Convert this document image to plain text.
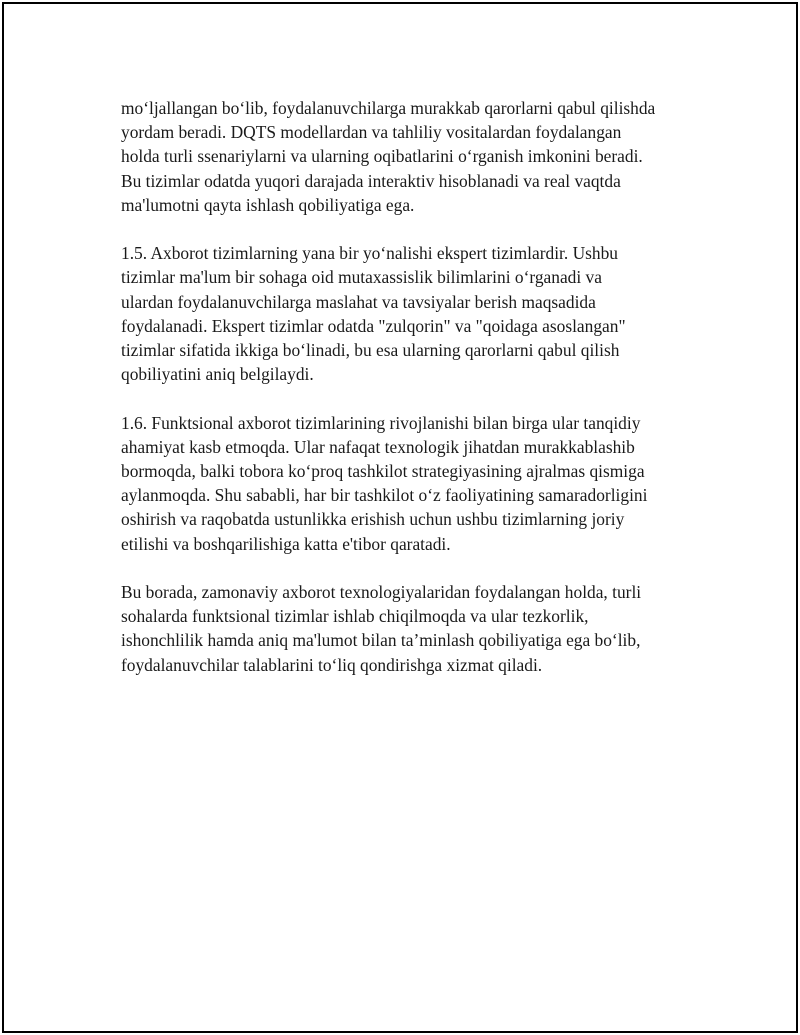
mo‘ljallangan bo‘lib, foydalanuvchilarga murakkab qarorlarni qabul qilishda
yordam beradi. DQTS modellardan va tahliliy vositalardan foydalangan
holda turli ssenariylarni va ularning oqibatlarini o‘rganish imkonini beradi.
Bu tizimlar odatda yuqori darajada interaktiv hisoblanadi va real vaqtda
ma'lumotni qayta ishlash qobiliyatiga ega.

1.5. Axborot tizimlarning yana bir yo‘nalishi ekspert tizimlardir. Ushbu
tizimlar ma'lum bir sohaga oid mutaxassislik bilimlarini o‘rganadi va
ulardan foydalanuvchilarga maslahat va tavsiyalar berish maqsadida
foydalanadi. Ekspert tizimlar odatda "zulqorin" va "qoidaga asoslangan"
tizimlar sifatida ikkiga bo‘linadi, bu esa ularning qarorlarni qabul qilish
qobiliyatini aniq belgilaydi.

1.6. Funktsional axborot tizimlarining rivojlanishi bilan birga ular tanqidiy
ahamiyat kasb etmoqda. Ular nafaqat texnologik jihatdan murakkablashib
bormoqda, balki tobora ko‘proq tashkilot strategiyasining ajralmas qismiga
aylanmoqda. Shu sababli, har bir tashkilot o‘z faoliyatining samaradorligini
oshirish va raqobatda ustunlikka erishish uchun ushbu tizimlarning joriy
etilishi va boshqarilishiga katta e'tibor qaratadi.

Bu borada, zamonaviy axborot texnologiyalaridan foydalangan holda, turli
sohalarda funktsional tizimlar ishlab chiqilmoqda va ular tezkorlik,
ishonchlilik hamda aniq ma'lumot bilan ta’minlash qobiliyatiga ega bo‘lib,
foydalanuvchilar talablarini to‘liq qondirishga xizmat qiladi.
